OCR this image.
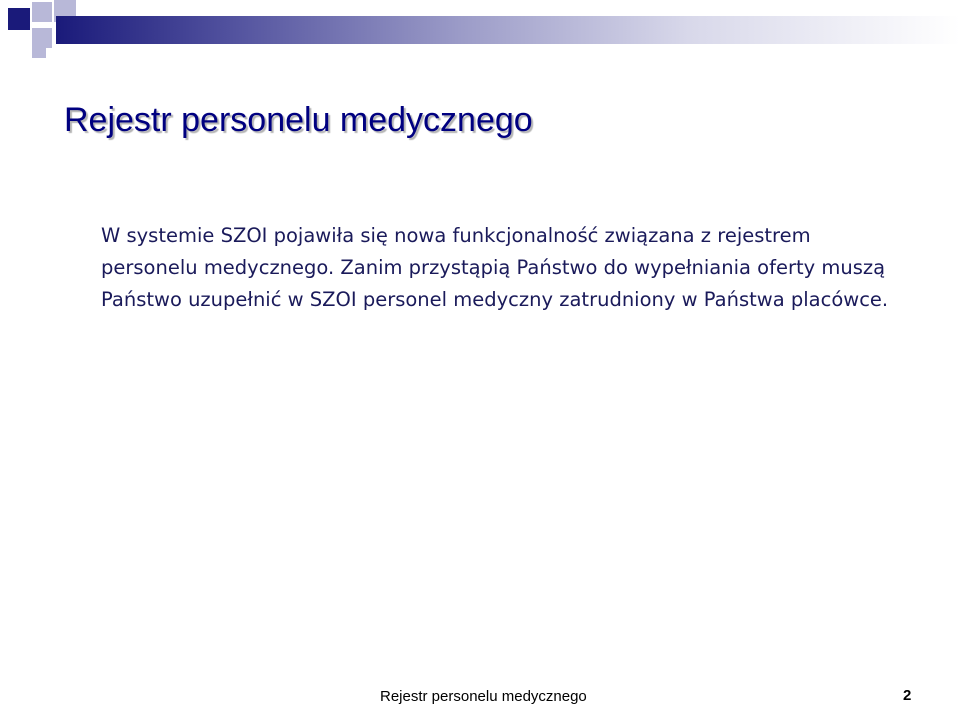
Rejestr personelu medycznego

W systemie SZOI pojawiła się nowa funkcjonalność związana z rejestrem personelu medycznego. Zanim przystąpią Państwo do wypełniania oferty muszą Państwo uzupełnić w SZOI personel medyczny zatrudniony w Państwa placówce.

Rejestr personelu medycznego	2
